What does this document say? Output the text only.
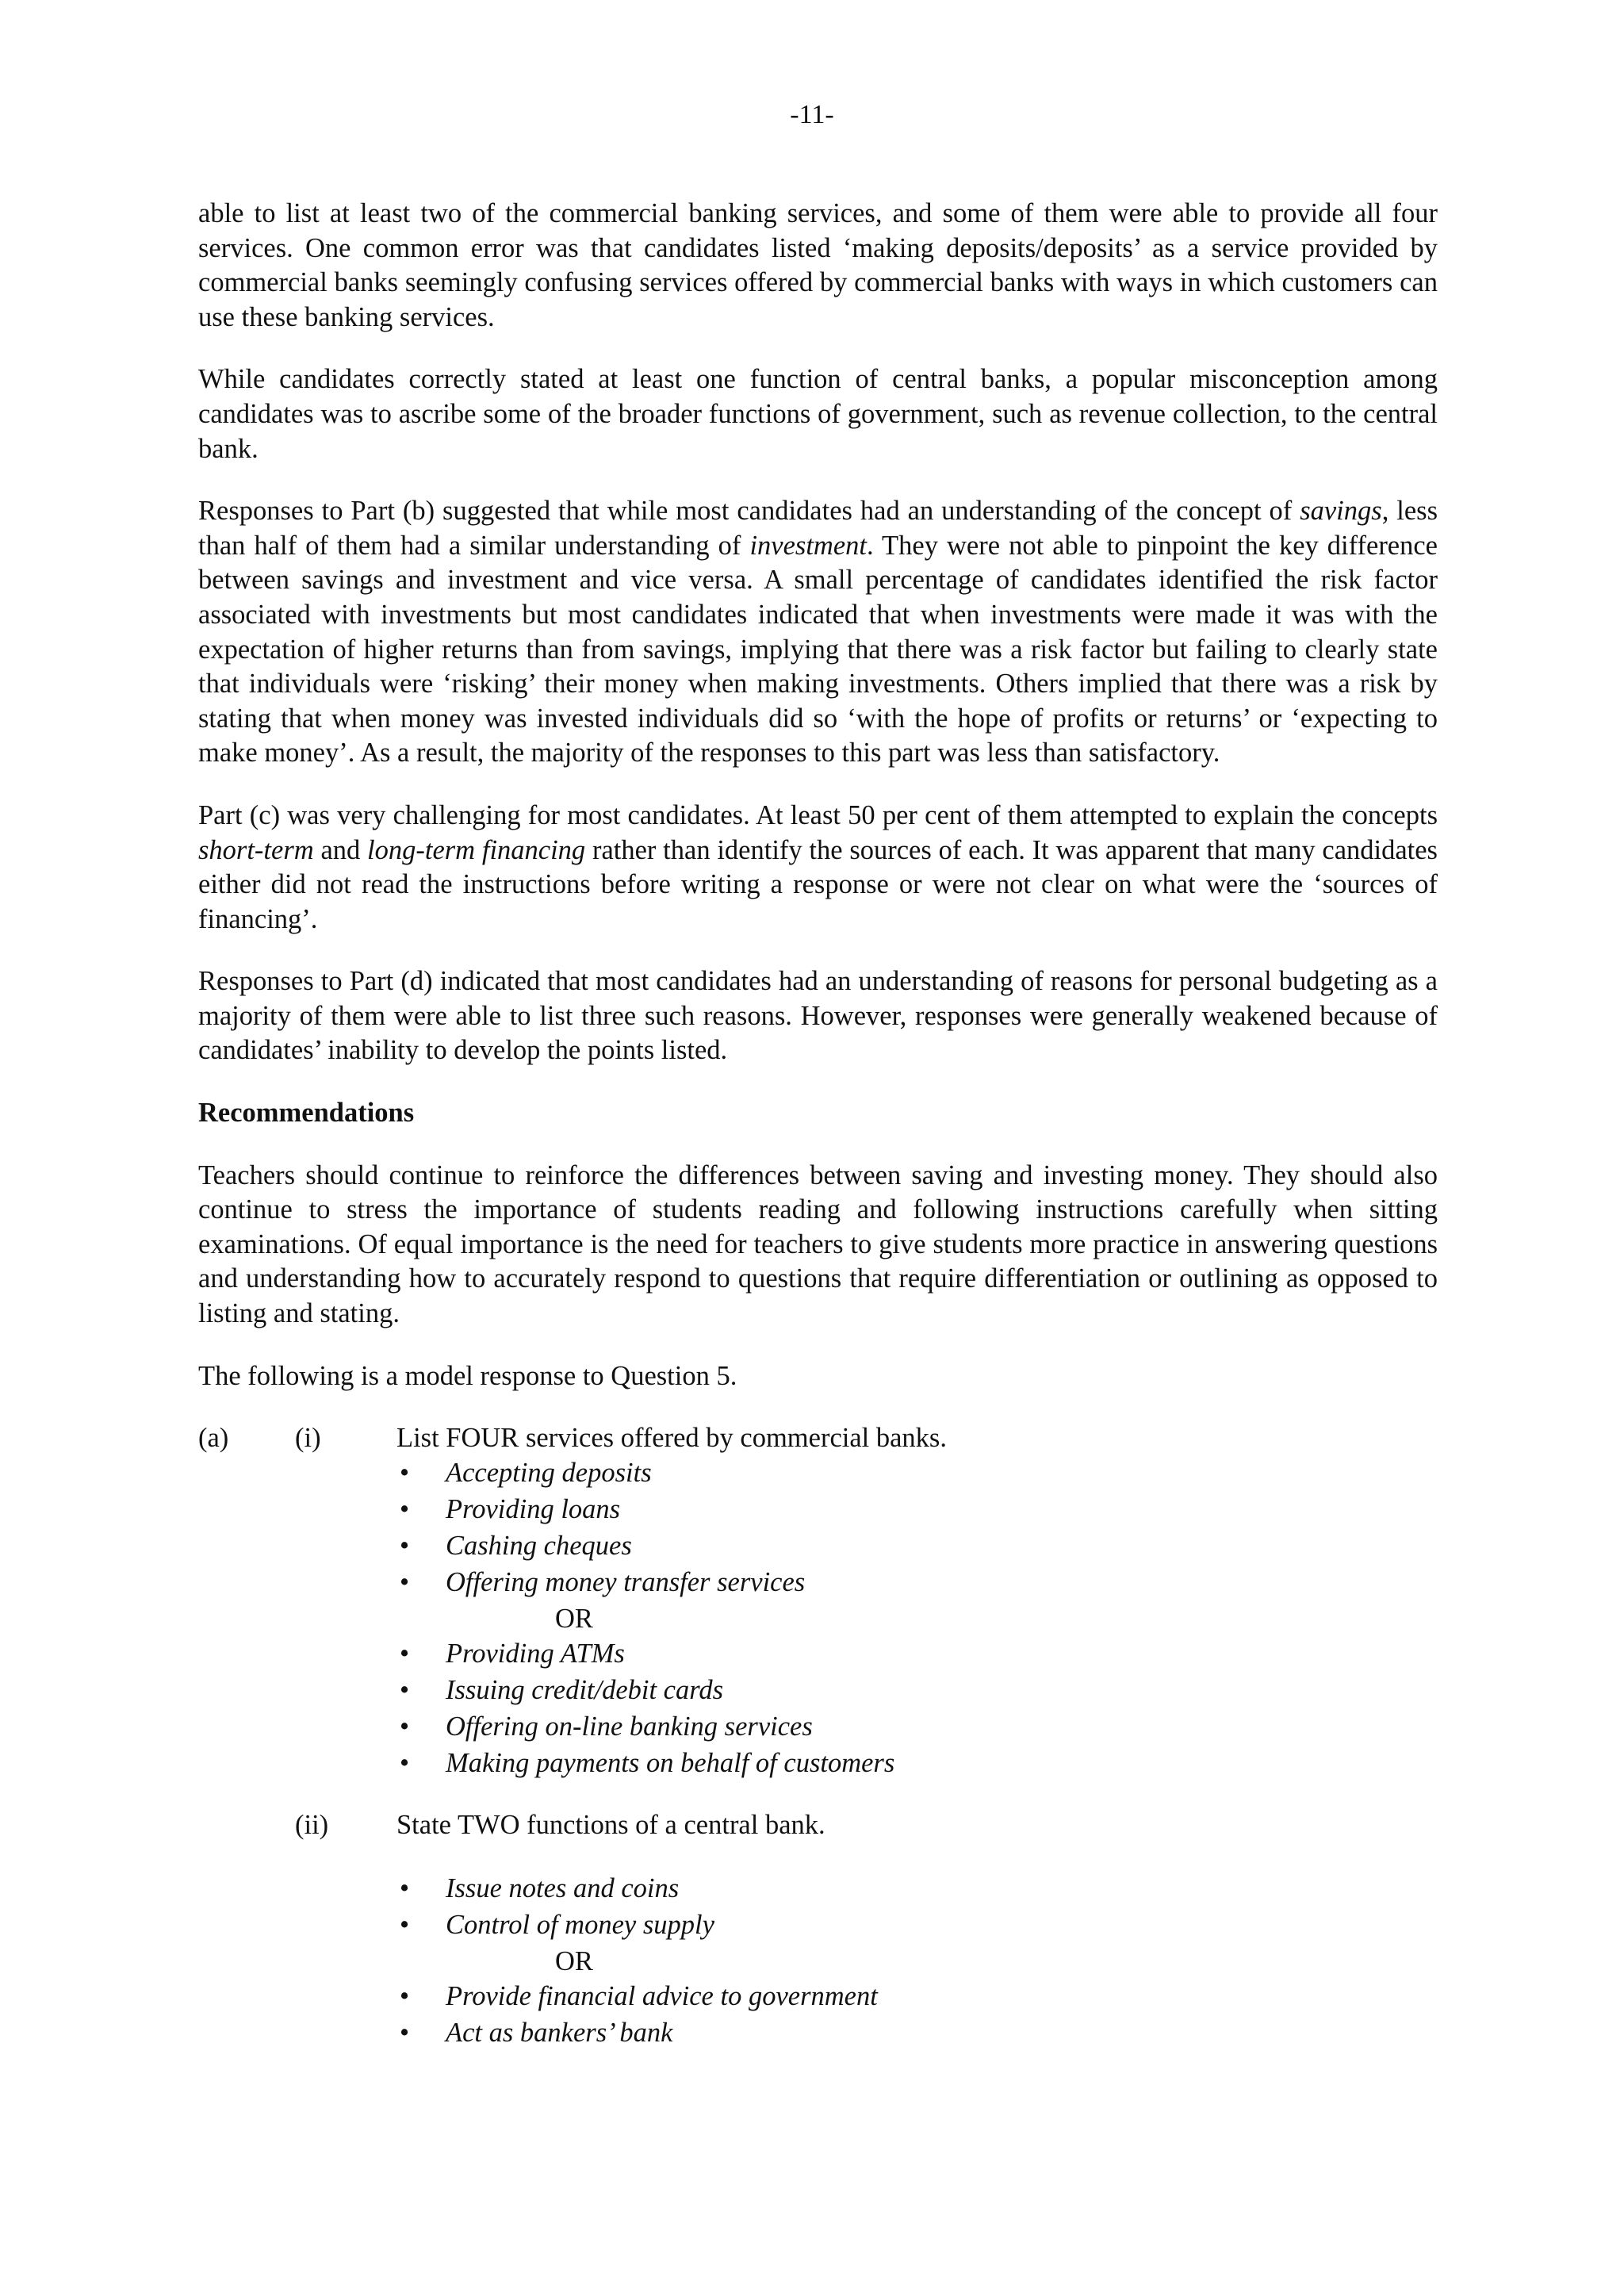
-11-

able to list at least two of the commercial banking services, and some of them were able to provide all four services. One common error was that candidates listed ‘making deposits/deposits’ as a service provided by commercial banks seemingly confusing services offered by commercial banks with ways in which customers can use these banking services.

While candidates correctly stated at least one function of central banks, a popular misconception among candidates was to ascribe some of the broader functions of government, such as revenue collection, to the central bank.

Responses to Part (b) suggested that while most candidates had an understanding of the concept of savings, less than half of them had a similar understanding of investment. They were not able to pinpoint the key difference between savings and investment and vice versa. A small percentage of candidates identified the risk factor associated with investments but most candidates indicated that when investments were made it was with the expectation of higher returns than from savings, implying that there was a risk factor but failing to clearly state that individuals were ‘risking’ their money when making investments. Others implied that there was a risk by stating that when money was invested individuals did so ‘with the hope of profits or returns’ or ‘expecting to make money’. As a result, the majority of the responses to this part was less than satisfactory.

Part (c) was very challenging for most candidates. At least 50 per cent of them attempted to explain the concepts short-term and long-term financing rather than identify the sources of each. It was apparent that many candidates either did not read the instructions before writing a response or were not clear on what were the ‘sources of financing’.

Responses to Part (d) indicated that most candidates had an understanding of reasons for personal budgeting as a majority of them were able to list three such reasons. However, responses were generally weakened because of candidates’ inability to develop the points listed.

Recommendations

Teachers should continue to reinforce the differences between saving and investing money. They should also continue to stress the importance of students reading and following instructions carefully when sitting examinations. Of equal importance is the need for teachers to give students more practice in answering questions and understanding how to accurately respond to questions that require differentiation or outlining as opposed to listing and stating.

The following is a model response to Question 5.

(a) (i)	List FOUR services offered by commercial banks.
• Accepting deposits
• Providing loans
• Cashing cheques
• Offering money transfer services
OR
• Providing ATMs
• Issuing credit/debit cards
• Offering on-line banking services
• Making payments on behalf of customers
(ii) State TWO functions of a central bank.
• Issue notes and coins
• Control of money supply
OR
• Provide financial advice to government
• Act as bankers’ bank
